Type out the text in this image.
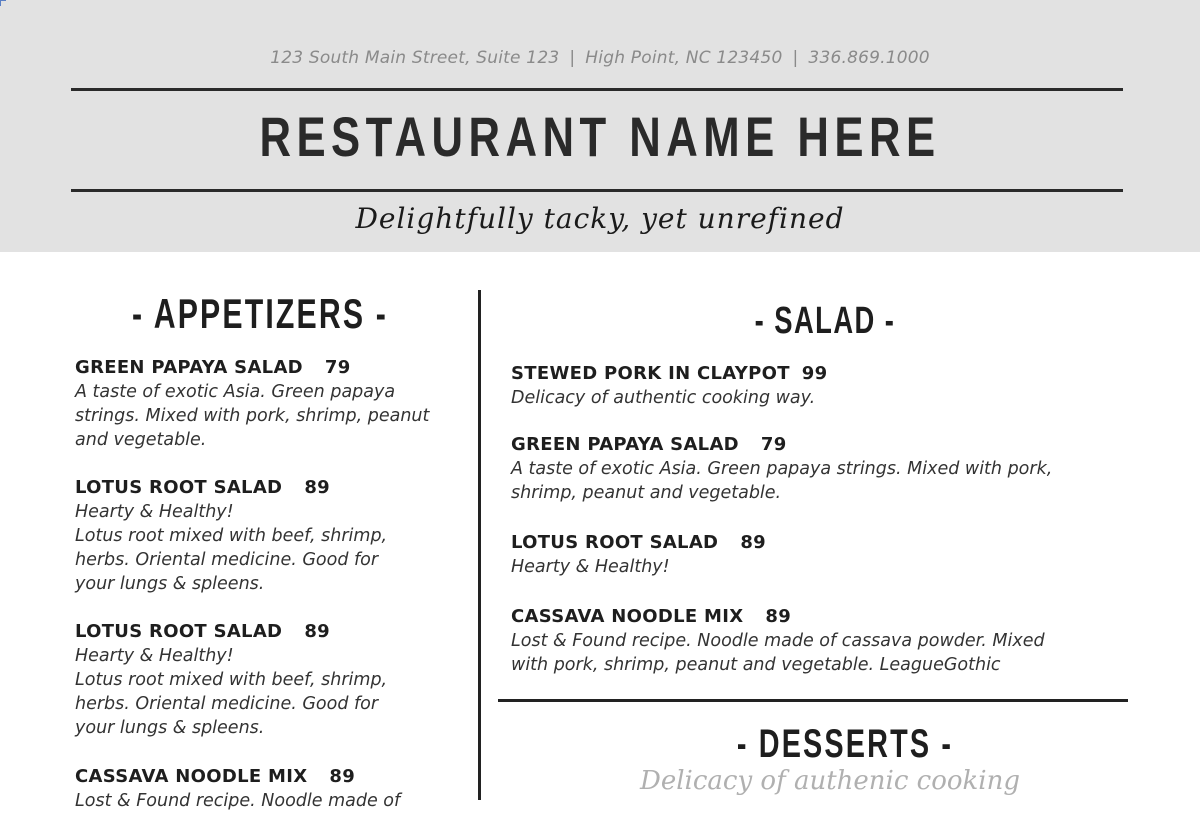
123 South Main Street, Suite 123 | High Point, NC 123450 | 336.869.1000
RESTAURANT NAME HERE
Delightfully tacky, yet unrefined
- APPETIZERS -
GREEN PAPAYA SALAD 79
A taste of exotic Asia. Green papaya
strings. Mixed with pork, shrimp, peanut
and vegetable.
LOTUS ROOT SALAD 89
Hearty & Healthy!
Lotus root mixed with beef, shrimp,
herbs. Oriental medicine. Good for
your lungs & spleens.
LOTUS ROOT SALAD 89
Hearty & Healthy!
Lotus root mixed with beef, shrimp,
herbs. Oriental medicine. Good for
your lungs & spleens.
CASSAVA NOODLE MIX 89
Lost & Found recipe. Noodle made of
- SALAD -
STEWED PORK IN CLAYPOT 99
Delicacy of authentic cooking way.
GREEN PAPAYA SALAD 79
A taste of exotic Asia. Green papaya strings. Mixed with pork,
shrimp, peanut and vegetable.
LOTUS ROOT SALAD 89
Hearty & Healthy!
CASSAVA NOODLE MIX 89
Lost & Found recipe. Noodle made of cassava powder. Mixed
with pork, shrimp, peanut and vegetable. LeagueGothic
- DESSERTS -
Delicacy of authenic cooking
